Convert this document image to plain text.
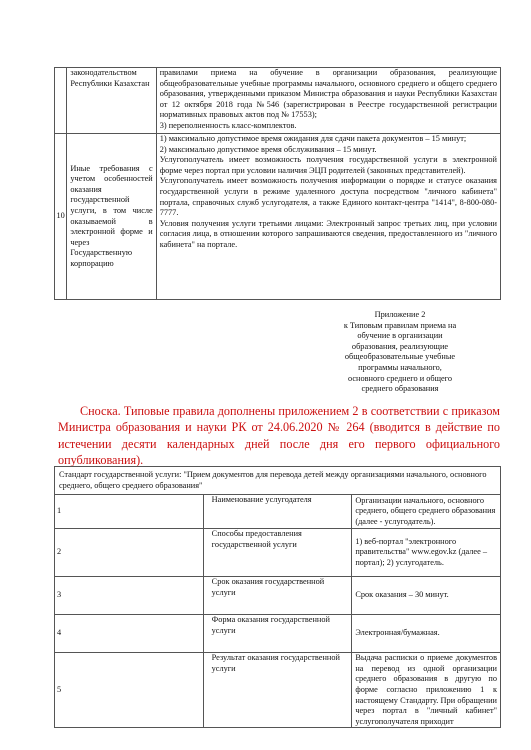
	законодательством Республики Казахстан	правилами приема на обучение в организации образования, реализующие общеобразовательные учебные программы начального, основного среднего и общего среднего образования, утвержденными приказом Министра образования и науки Республики Казахстан от 12 октября 2018 года №546 (зарегистрирован в Реестре государственной регистрации нормативных правовых актов под № 17553);

3) переполненность класс-комплектов.

10	Иные требования с учетом особенностей оказания государственной услуги, в том числе оказываемой в электронной форме и через Государственную корпорацию	1) максимально допустимое время ожидания для сдачи пакета документов – 15 минут;

2) максимально допустимое время обслуживания – 15 минут.

Услугополучатель имеет возможность получения государственной услуги в электронной форме через портал при условии наличия ЭЦП родителей (законных представителей).

Услугополучатель имеет возможность получения информации о порядке и статусе оказания государственной услуги в режиме удаленного доступа посредством "личного кабинета" портала, справочных служб услугодателя, а также Единого контакт-центра "1414", 8-800-080-7777.

Условия получения услуги третьими лицами: Электронный запрос третьих лиц, при условии согласия лица, в отношении которого запрашиваются сведения, предоставленного из "личного кабинета" на портале.

Приложение 2
к Типовым правилам приема на
обучение в организации
образования, реализующие
общеобразовательные учебные
программы начального,
основного среднего и общего
среднего образования
Сноска. Типовые правила дополнены приложением 2 в соответствии с приказом Министра образования и науки РК от 24.06.2020 № 264 (вводится в действие по истечении десяти календарных дней после дня его первого официального опубликования).
Стандарт государственной услуги: "Прием документов для перевода детей между организациями начального, основного среднего, общего среднего образования"		
1	Наименование услугодателя	Организации начального, основного среднего, общего среднего образования (далее - услугодатель).
2	Способы предоставления государственной услуги	1) веб-портал "электронного правительства" www.egov.kz (далее – портал); 2) услугодатель.
3	Срок оказания государственной услуги	Срок оказания – 30 минут.
4	Форма оказания государственной услуги	Электронная/бумажная.
5	Результат оказания государственной услуги	Выдача расписки о приеме документов на перевод из одной организации среднего образования в другую по форме согласно приложению 1 к настоящему Стандарту. При обращении через портал в "личный кабинет" услугополучателя приходит
